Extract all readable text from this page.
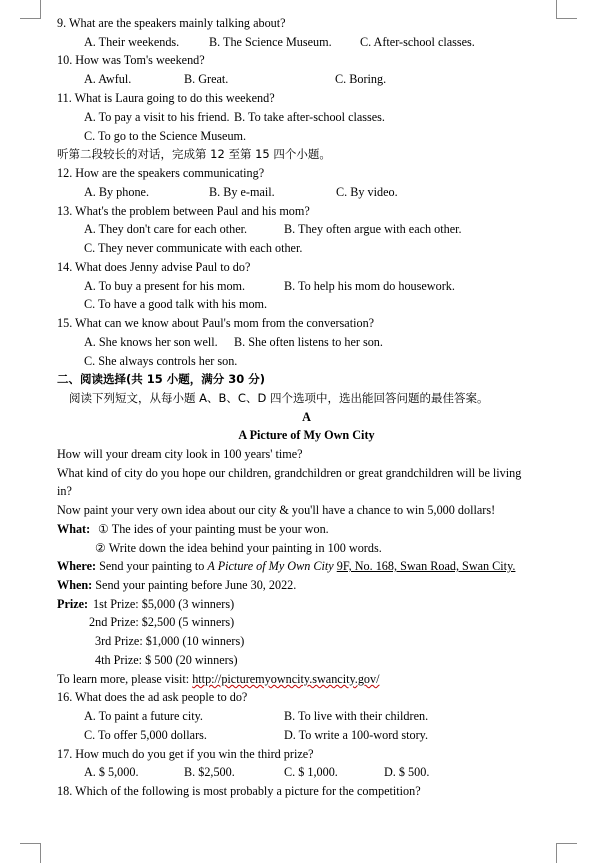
9. What are the speakers mainly talking about?
A. Their weekends. B. The Science Museum. C. After-school classes.
10. How was Tom's weekend?
A. Awful.	B. Great.	C. Boring.
11. What is Laura going to do this weekend?
A. To pay a visit to his friend. B. To take after-school classes.
C. To go to the Science Museum.
听第二段较长的对话，完成第 12 至第 15 四个小题。
12. How are the speakers communicating?
A. By phone.	B. By e-mail.	C. By video.
13. What's the problem between Paul and his mom?
A. They don't care for each other.	B. They often argue with each other.
C. They never communicate with each other.
14. What does Jenny advise Paul to do?
A. To buy a present for his mom.	B. To help his mom do housework.
C. To have a good talk with his mom.
15. What can we know about Paul's mom from the conversation?
A. She knows her son well. B. She often listens to her son.
C. She always controls her son.
二、阅读选择(共 15 小题，满分 30 分)
阅读下列短文，从每小题 A、B、C、D 四个选项中，选出能回答问题的最佳答案。
A
A Picture of My Own City
How will your dream city look in 100 years' time?
What kind of city do you hope our children, grandchildren or great grandchildren will be living
in?
Now paint your very own idea about our city & you'll have a chance to win 5,000 dollars!
What: ① The ides of your painting must be your won.
② Write down the idea behind your painting in 100 words.
Where: Send your painting to A Picture of My Own City 9F, No. 168, Swan Road, Swan City.
When: Send your painting before June 30, 2022.
Prize: 1st Prize: $5,000 (3 winners)
2nd Prize: $2,500 (5 winners)
3rd Prize: $1,000 (10 winners)
4th Prize: $ 500 (20 winners)
To learn more, please visit: http://picturemyowncity.swancity.gov/
16. What does the ad ask people to do?
A. To paint a future city.	B. To live with their children.
C. To offer 5,000 dollars.	D. To write a 100-word story.
17. How much do you get if you win the third prize?
A. $ 5,000.	B. $2,500.	C. $ 1,000.	D. $ 500.
18. Which of the following is most probably a picture for the competition?
